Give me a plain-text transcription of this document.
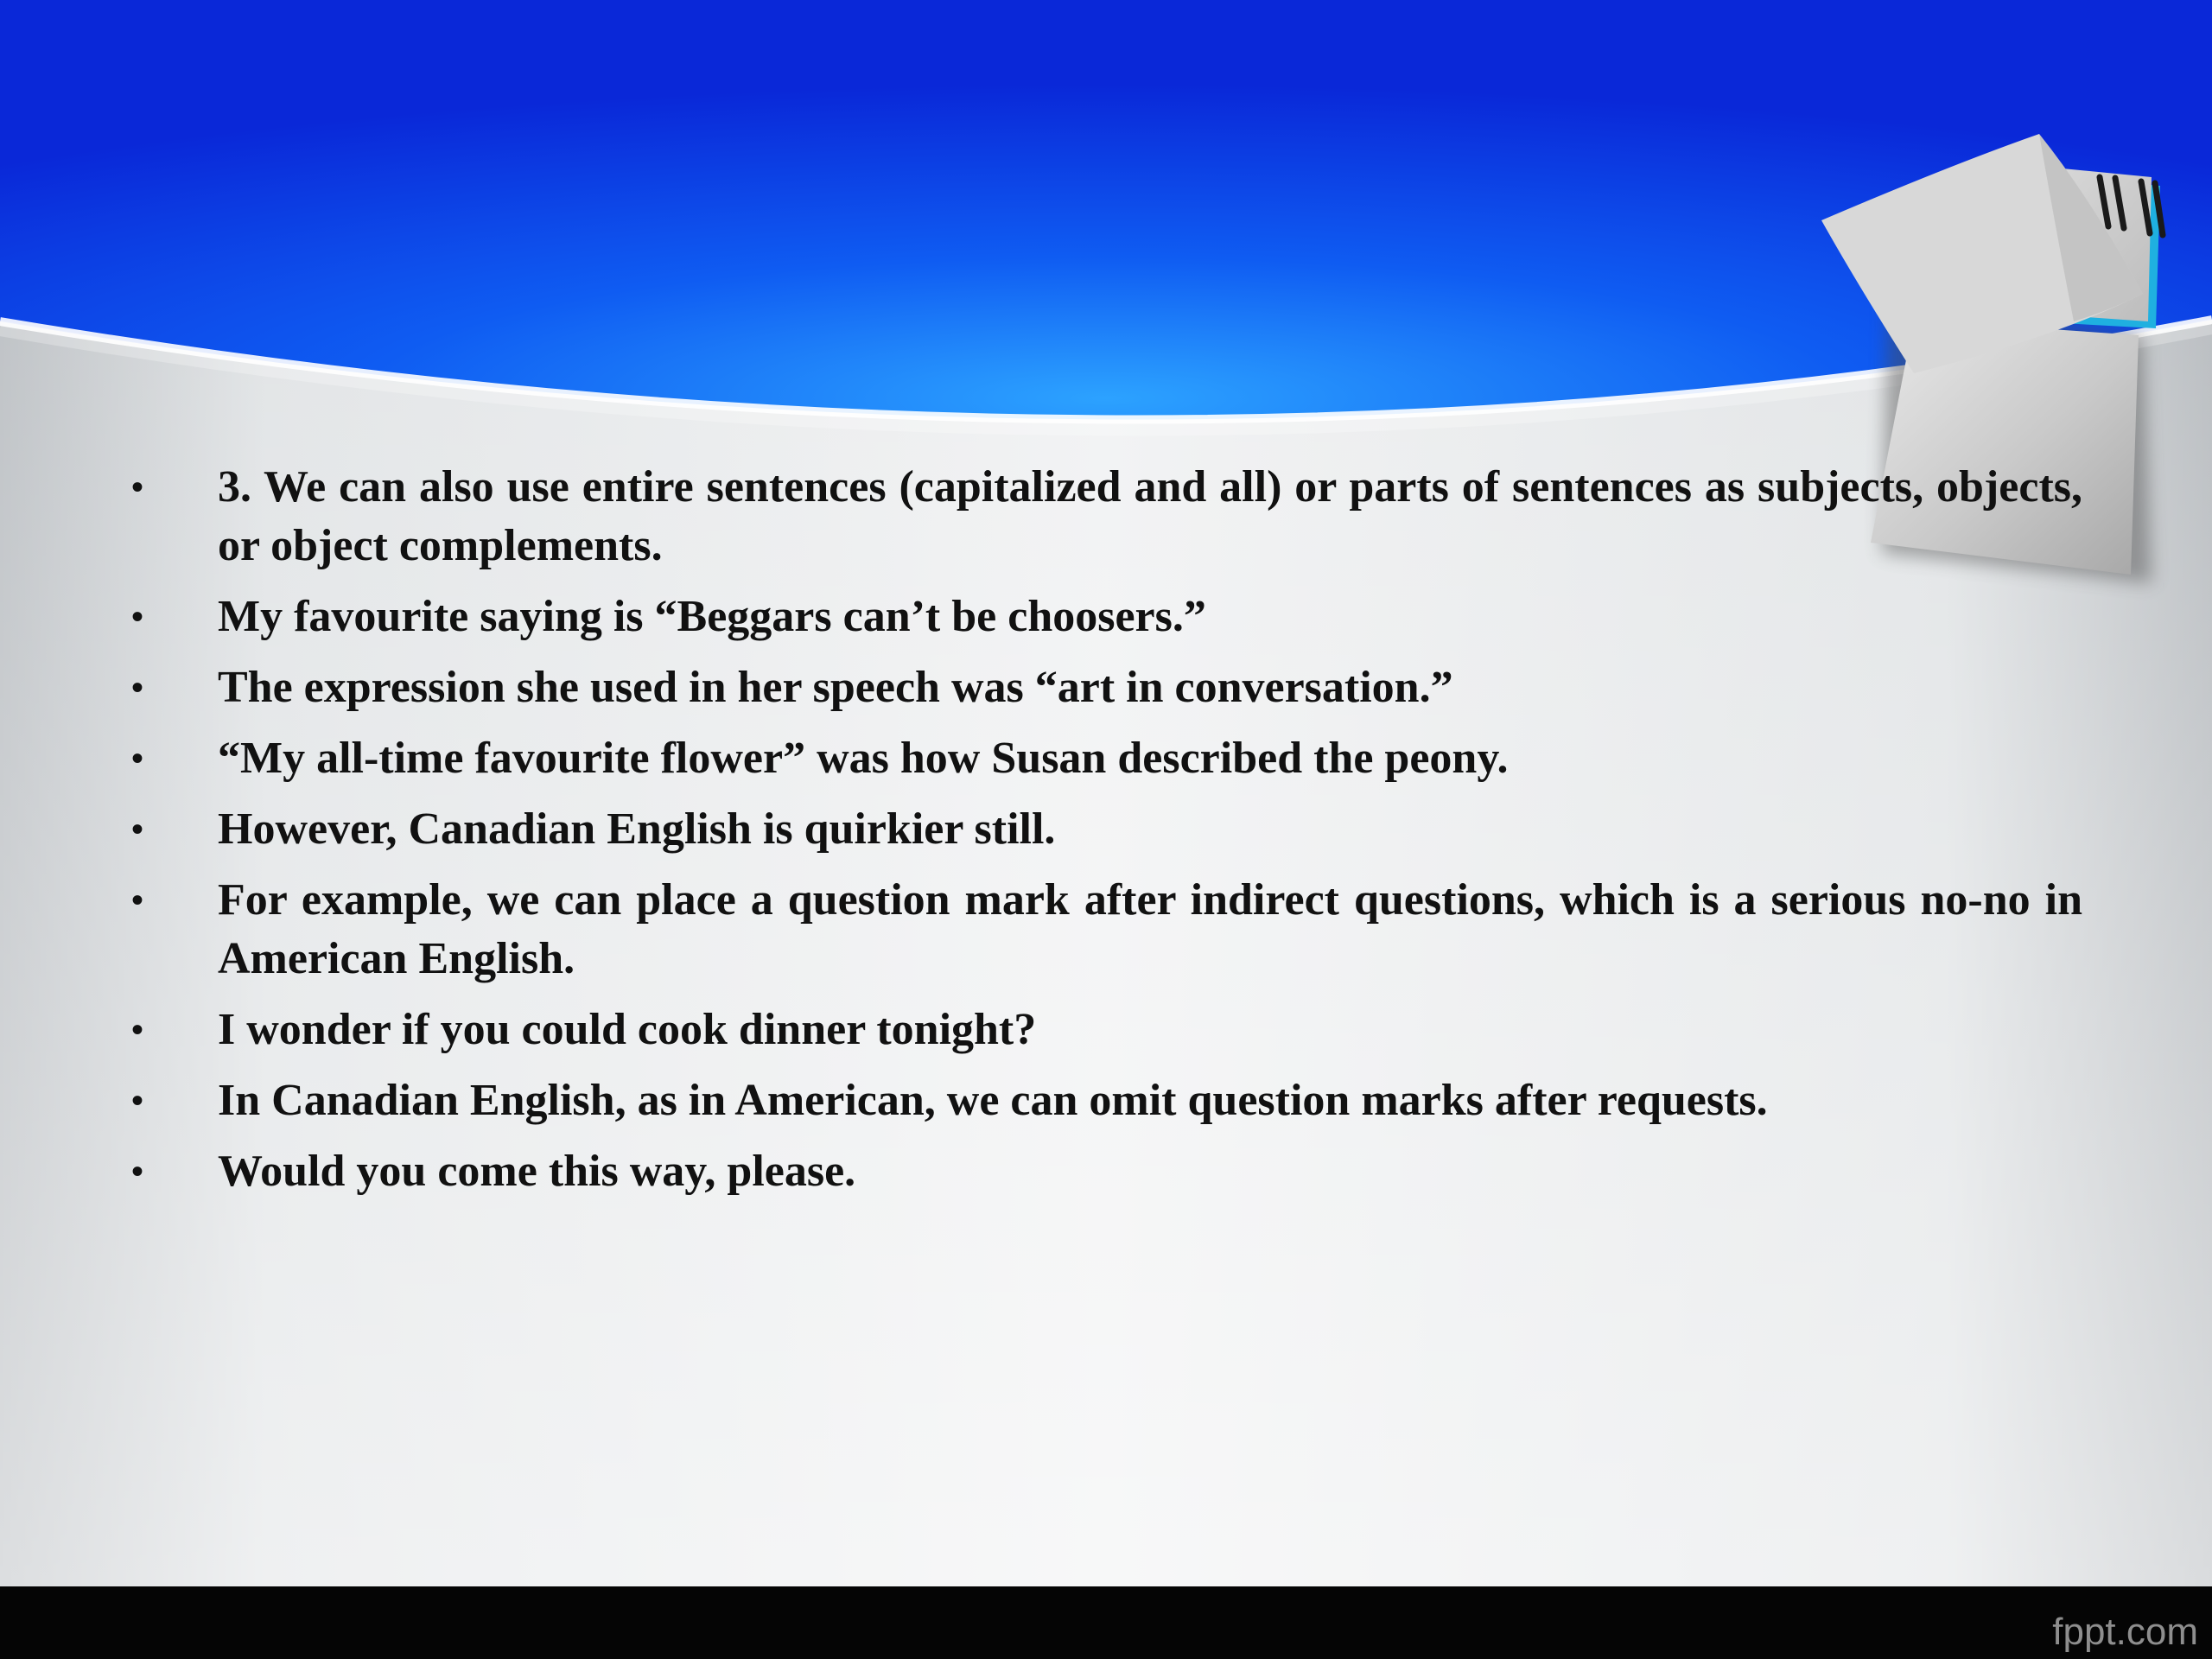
• 3. We can also use entire sentences (capitalized and all) or parts of sentences as subjects, objects, or object complements.
• My favourite saying is “Beggars can’t be choosers.”
• The expression she used in her speech was “art in conversation.”
• “My all-time favourite flower” was how Susan described the peony.
• However, Canadian English is quirkier still.
• For example, we can place a question mark after indirect questions, which is a serious no-no in American English.
• I wonder if you could cook dinner tonight?
• In Canadian English, as in American, we can omit question marks after requests.
• Would you come this way, please.
fppt.com
